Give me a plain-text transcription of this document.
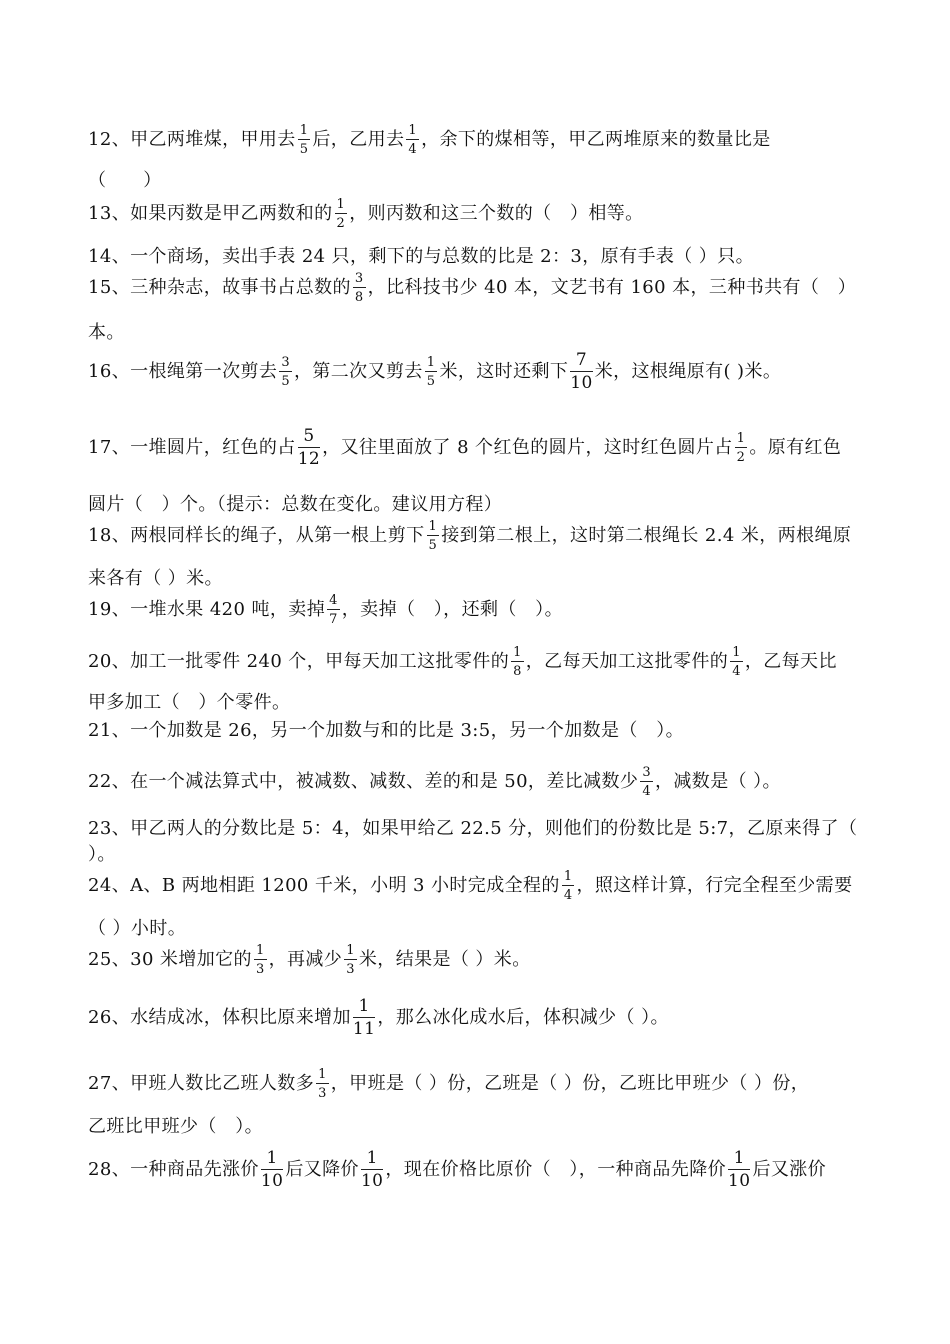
12、甲乙两堆煤，甲用去 $\frac{1}{5}$ 后，乙用去 $\frac{1}{4}$ ，余下的煤相等，甲乙两堆原来的数量比是
（　　）
13、如果丙数是甲乙两数和的 $\frac{1}{2}$ ，则丙数和这三个数的（　）相等。
14、一个商场，卖出手表 24 只，剩下的与总数的比是 2：3，原有手表（ ）只。
15、三种杂志，故事书占总数的 $\frac{3}{8}$ ，比科技书少 40 本，文艺书有 160 本，三种书共有（　）
本。
16、一根绳第一次剪去 $\frac{3}{5}$ ，第二次又剪去 $\frac{1}{5}$ 米，这时还剩下 $\frac{7}{10}$ 米，这根绳原有( )米。
17、一堆圆片，红色的占 $\frac{5}{12}$ ，又往里面放了 8 个红色的圆片，这时红色圆片占 $\frac{1}{2}$ 。原有红色
圆片（　）个。（提示：总数在变化。建议用方程）
18、两根同样长的绳子，从第一根上剪下 $\frac{1}{5}$ 接到第二根上，这时第二根绳长 2.4 米，两根绳原
来各有（ ）米。
19、一堆水果 420 吨，卖掉 $\frac{4}{7}$ ，卖掉（　），还剩（　）。
20、加工一批零件 240 个，甲每天加工这批零件的 $\frac{1}{8}$ ，乙每天加工这批零件的 $\frac{1}{4}$ ，乙每天比
甲多加工（　）个零件。
21、一个加数是 26，另一个加数与和的比是 3:5，另一个加数是（　）。
22、在一个减法算式中，被减数、减数、差的和是 50，差比减数少 $\frac{3}{4}$ ，减数是（ ）。
23、甲乙两人的分数比是 5：4，如果甲给乙 22.5 分，则他们的份数比是 5:7，乙原来得了（
）。
24、A、B 两地相距 1200 千米，小明 3 小时完成全程的 $\frac{1}{4}$ ，照这样计算，行完全程至少需要
（ ）小时。
25、30 米增加它的 $\frac{1}{3}$ ，再减少 $\frac{1}{3}$ 米，结果是（ ）米。
26、水结成冰，体积比原来增加 $\frac{1}{11}$ ，那么冰化成水后，体积减少（ ）。
27、甲班人数比乙班人数多 $\frac{1}{3}$ ，甲班是（ ）份，乙班是（ ）份，乙班比甲班少（ ）份，
乙班比甲班少（　）。
28、一种商品先涨价 $\frac{1}{10}$ 后又降价 $\frac{1}{10}$ ，现在价格比原价（　），一种商品先降价 $\frac{1}{10}$ 后又涨价
